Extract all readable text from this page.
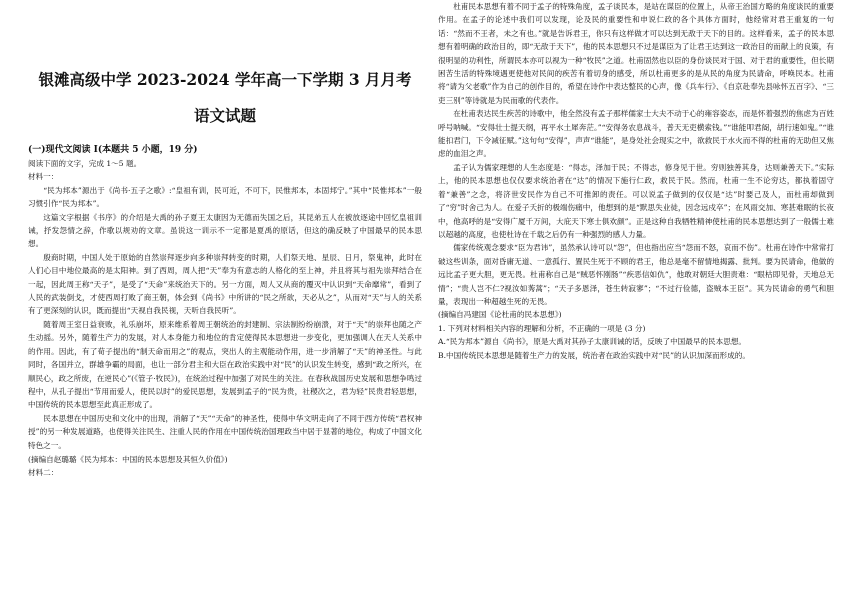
银滩高级中学 2023-2024 学年高一下学期 3 月月考
语文试题
(一)现代文阅读 I(本题共 5 小题，19 分)

阅读下面的文字，完成 1～5 题。

材料一：

“民为邦本”源出于《尚书·五子之歌》:“皇祖有训，民可近，不可下，民惟邦本，本固邦宁。”其中“民惟邦本”一般习惯引作“民为邦本”。

这篇文字根据《书序》的介绍是大禹的孙子夏王太康因为无德而失国之后，其昆弟五人在被放逐途中回忆皇祖训诫，抒发怨情之辞，作歌以规劝的文章。虽说这一训示不一定都是夏禹的原话，但这的确反映了中国最早的民本思想。

殷商时期，中国人处于原始的自然崇拜逐步向多种崇拜转变的时期，人们祭天地、星辰、日月，祭鬼神，此时在人们心目中地位最高的是太阳神。到了西周，周人把“天”奉为有意志的人格化的至上神，并且将其与祖先崇拜结合在一起，因此周王称“天子”，是受了“天命”来统治天下的。另一方面，周人又从商的覆灭中认识到“天命靡常”，看到了人民的武装倒戈，才使西周打败了商王朝，体会到《尚书》中所讲的“民之所欲，天必从之”，从而对“天”与人的关系有了更深刻的认识，既而提出“天视自我民视，天听自我民听”。

随着周王室日益衰败，礼乐崩坏，原来维系着周王朝统治的封建制、宗法制纷纷崩溃，对于“天”的崇拜也随之产生动摇。另外，随着生产力的发展，对人本身能力和地位的肯定使得民本思想进一步变化，更加强调人在天人关系中的作用。因此，有了荀子提出的“制天命而用之”的观点，突出人的主观能动作用，进一步消解了“天”的神圣性。与此同时，各国并立，群雄争霸的局面，也让一部分君主和大臣在政治实践中对“民”的认识发生转变，感到“政之所兴，在顺民心，政之所废，在逆民心”(《管子·牧民》)，在统治过程中加强了对民生的关注。在春秋战国历史发展和思想争鸣过程中，从孔子提出“节用而爱人，使民以时”的爱民思想，发展到孟子的“民为贵，社稷次之，君为轻”民贵君轻思想，中国传统的民本思想至此真正形成了。

民本思想在中国历史和文化中的出现，消解了“天”“天命”的神圣性，使得中华文明走向了不同于西方传统“君权神授”的另一种发展道路，也使得关注民生、注重人民的作用在中国传统治国理政当中居于显著的地位，构成了中国文化特色之一。

(摘编自赵璐璐《民为邦本：中国的民本思想及其恒久价值》)

材料二：

杜甫民本思想有着不同于孟子的特殊角度，孟子谈民本，是站在谋臣的位置上，从帝王治国方略的角度谈民的重要作用。在孟子的论述中我们可以发现，论及民的重要性和申说仁政的各个具体方面时，他经常对君王重复的一句话：“然而不王者，未之有也。”就是告诉君王，你只有这样做才可以达到无敌于天下的目的。这样看来，孟子的民本思想有着明确的政治目的，即“无敌于天下”，他的民本思想只不过是谋臣为了让君王达到这一政治目的而献上的良策，有很明显的功利性，所谓民本亦可以视为一种“牧民”之道。杜甫固然也以臣的身份谈民对于国、对于君的重要性，但长期困苦生活的特殊境遇更使他对民间的疾苦有着切身的感受，所以杜甫更多的是从民的角度为民请命，呼唤民本。杜甫将“请为父老歌”作为自己的创作目的，希望在诗作中表达整民的心声，像《兵车行》、《自京赴奉先县咏怀五百字》、“三吏三别”等诗就是为民而歌的代表作。

在杜甫表达民生疾苦的诗歌中，他全然没有孟子那样儒家士大夫不动于心的雍容姿态，而是怀着强烈的焦虑为百姓呼号呐喊。“安得壮士提天纲，再平水土犀奔茫。”“安得务农息战斗，普天无吏横索钱。”“谁能叩君阍，胡行速如鬼。”“谁能扣君门，下令减征赋。”这句句“安得”，声声“谁能”，是身处社会现实之中，欲救民于水火而不得的杜甫的无助但又焦虑的血泪之声。

孟子认为儒家理想的人生态度是：“得志，泽加于民；不得志，修身见于世。穷则独善其身，达则兼善天下。”实际上，他的民本思想也仅仅要求统治者在“达”的情况下施行仁政，救民于民。然而，杜甫一生不论穷达，都执着固守着“兼善”之念，将济世安民作为自己不可推卸的责任。可以说孟子做到的仅仅是“达”时要己及人，而杜甫却做到了“穷”时舍己为人。在爱子夭折的极端伤痛中，他想到的是“默思失业徒，因念远戍卒”；在风雨交加、寒甚难眠的长夜中，他高呼的是“安得广厦千万间，大庇天下寒士俱欢颜”。正是这种自我牺牲精神使杜甫的民本思想达到了一般儒士难以超越的高度，也使杜诗在千载之后仍有一种强烈的感人力量。

儒家传统观念要求“臣为君讳”，虽然承认诗可以“怨”，但也指出应当“怨而不怒，哀而不伤”。杜甫在诗作中常常打破这些训条，面对昏庸无道、一意孤行、置民生死于不顾的君王，他总是毫不留情地揭露、批判。要为民请命，他做的远比孟子更大胆，更无畏。杜甫称自己是“贼恶怀刚肠”“疾恶信如仇”，他敢对朝廷大胆责难：“眼枯即见骨，天地总无情”；“贵人岂不仁?视汝如莠蒿”；“天子多恩泽，苍生转寂寥”；“不过行俭德，盗贼本王臣”。其为民请命的勇气和胆量，表现出一种超越生死的无畏。

(摘编自冯建国《论杜甫的民本思想》)

1. 下列对材料相关内容的理解和分析，不正确的一项是 (3 分)

A.“民为邦本”源自《尚书》，原是大禹对其孙子太康训诫的话，反映了中国最早的民本思想。

B.中国传统民本思想是随着生产力的发展，统治者在政治实践中对“民”的认识加深而形成的。
